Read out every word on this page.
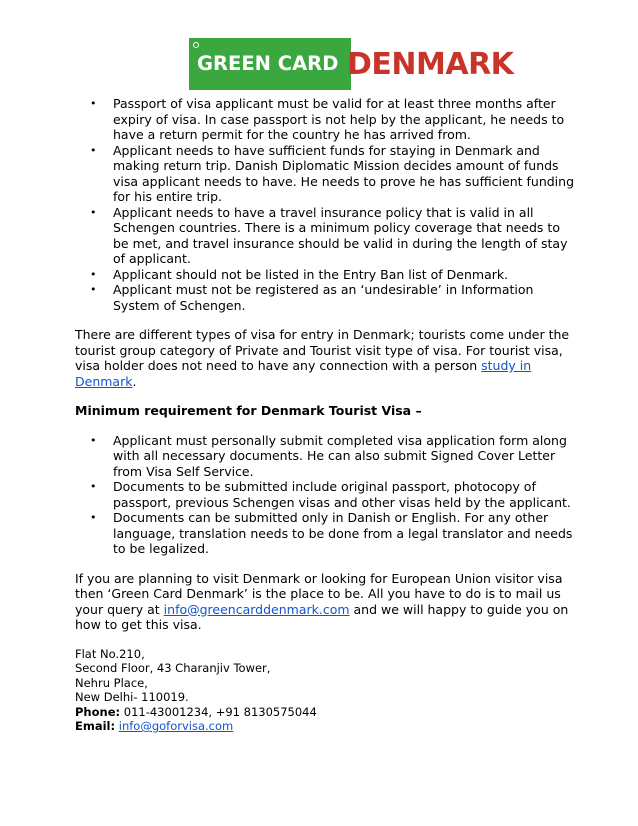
GREEN CARD DENMARK
• Passport of visa applicant must be valid for at least three months after expiry of visa. In case passport is not help by the applicant, he needs to have a return permit for the country he has arrived from.
• Applicant needs to have sufficient funds for staying in Denmark and making return trip. Danish Diplomatic Mission decides amount of funds visa applicant needs to have. He needs to prove he has sufficient funding for his entire trip.
• Applicant needs to have a travel insurance policy that is valid in all Schengen countries. There is a minimum policy coverage that needs to be met, and travel insurance should be valid in during the length of stay of applicant.
• Applicant should not be listed in the Entry Ban list of Denmark.
• Applicant must not be registered as an ‘undesirable’ in Information System of Schengen.

There are different types of visa for entry in Denmark; tourists come under the tourist group category of Private and Tourist visit type of visa. For tourist visa, visa holder does not need to have any connection with a person study in Denmark.

Minimum requirement for Denmark Tourist Visa –

• Applicant must personally submit completed visa application form along with all necessary documents. He can also submit Signed Cover Letter from Visa Self Service.
• Documents to be submitted include original passport, photocopy of passport, previous Schengen visas and other visas held by the applicant.
• Documents can be submitted only in Danish or English. For any other language, translation needs to be done from a legal translator and needs to be legalized.

If you are planning to visit Denmark or looking for European Union visitor visa then ‘Green Card Denmark’ is the place to be. All you have to do is to mail us your query at info@greencarddenmark.com and we will happy to guide you on how to get this visa.

Flat No.210,
Second Floor, 43 Charanjiv Tower,
Nehru Place,
New Delhi- 110019.
Phone: 011-43001234, +91 8130575044
Email: info@goforvisa.com
